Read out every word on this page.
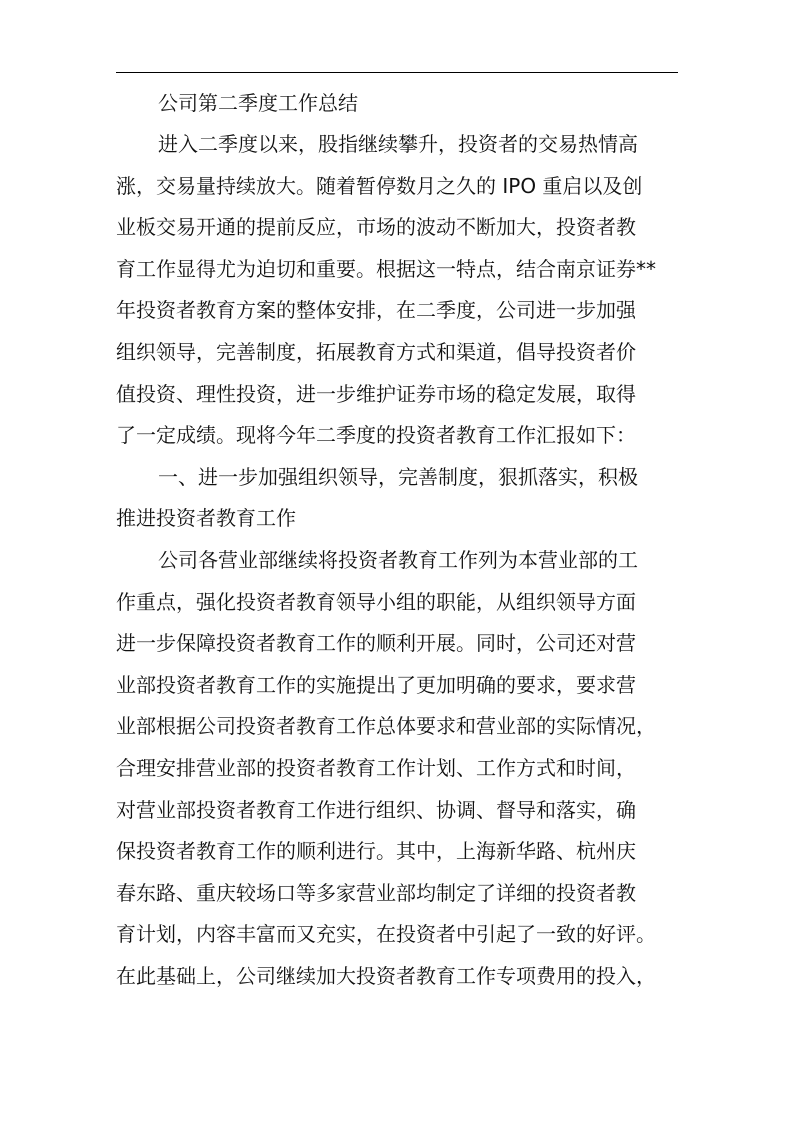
公司第二季度工作总结
进入二季度以来，股指继续攀升，投资者的交易热情高
涨，交易量持续放大。随着暂停数月之久的 IPO 重启以及创
业板交易开通的提前反应，市场的波动不断加大，投资者教
育工作显得尤为迫切和重要。根据这一特点，结合南京证券**
年投资者教育方案的整体安排，在二季度，公司进一步加强
组织领导，完善制度，拓展教育方式和渠道，倡导投资者价
值投资、理性投资，进一步维护证券市场的稳定发展，取得
了一定成绩。现将今年二季度的投资者教育工作汇报如下：
一、进一步加强组织领导，完善制度，狠抓落实，积极
推进投资者教育工作
公司各营业部继续将投资者教育工作列为本营业部的工
作重点，强化投资者教育领导小组的职能，从组织领导方面
进一步保障投资者教育工作的顺利开展。同时，公司还对营
业部投资者教育工作的实施提出了更加明确的要求，要求营
业部根据公司投资者教育工作总体要求和营业部的实际情况，
合理安排营业部的投资者教育工作计划、工作方式和时间，
对营业部投资者教育工作进行组织、协调、督导和落实，确
保投资者教育工作的顺利进行。其中，上海新华路、杭州庆
春东路、重庆较场口等多家营业部均制定了详细的投资者教
育计划，内容丰富而又充实，在投资者中引起了一致的好评。
在此基础上，公司继续加大投资者教育工作专项费用的投入，
